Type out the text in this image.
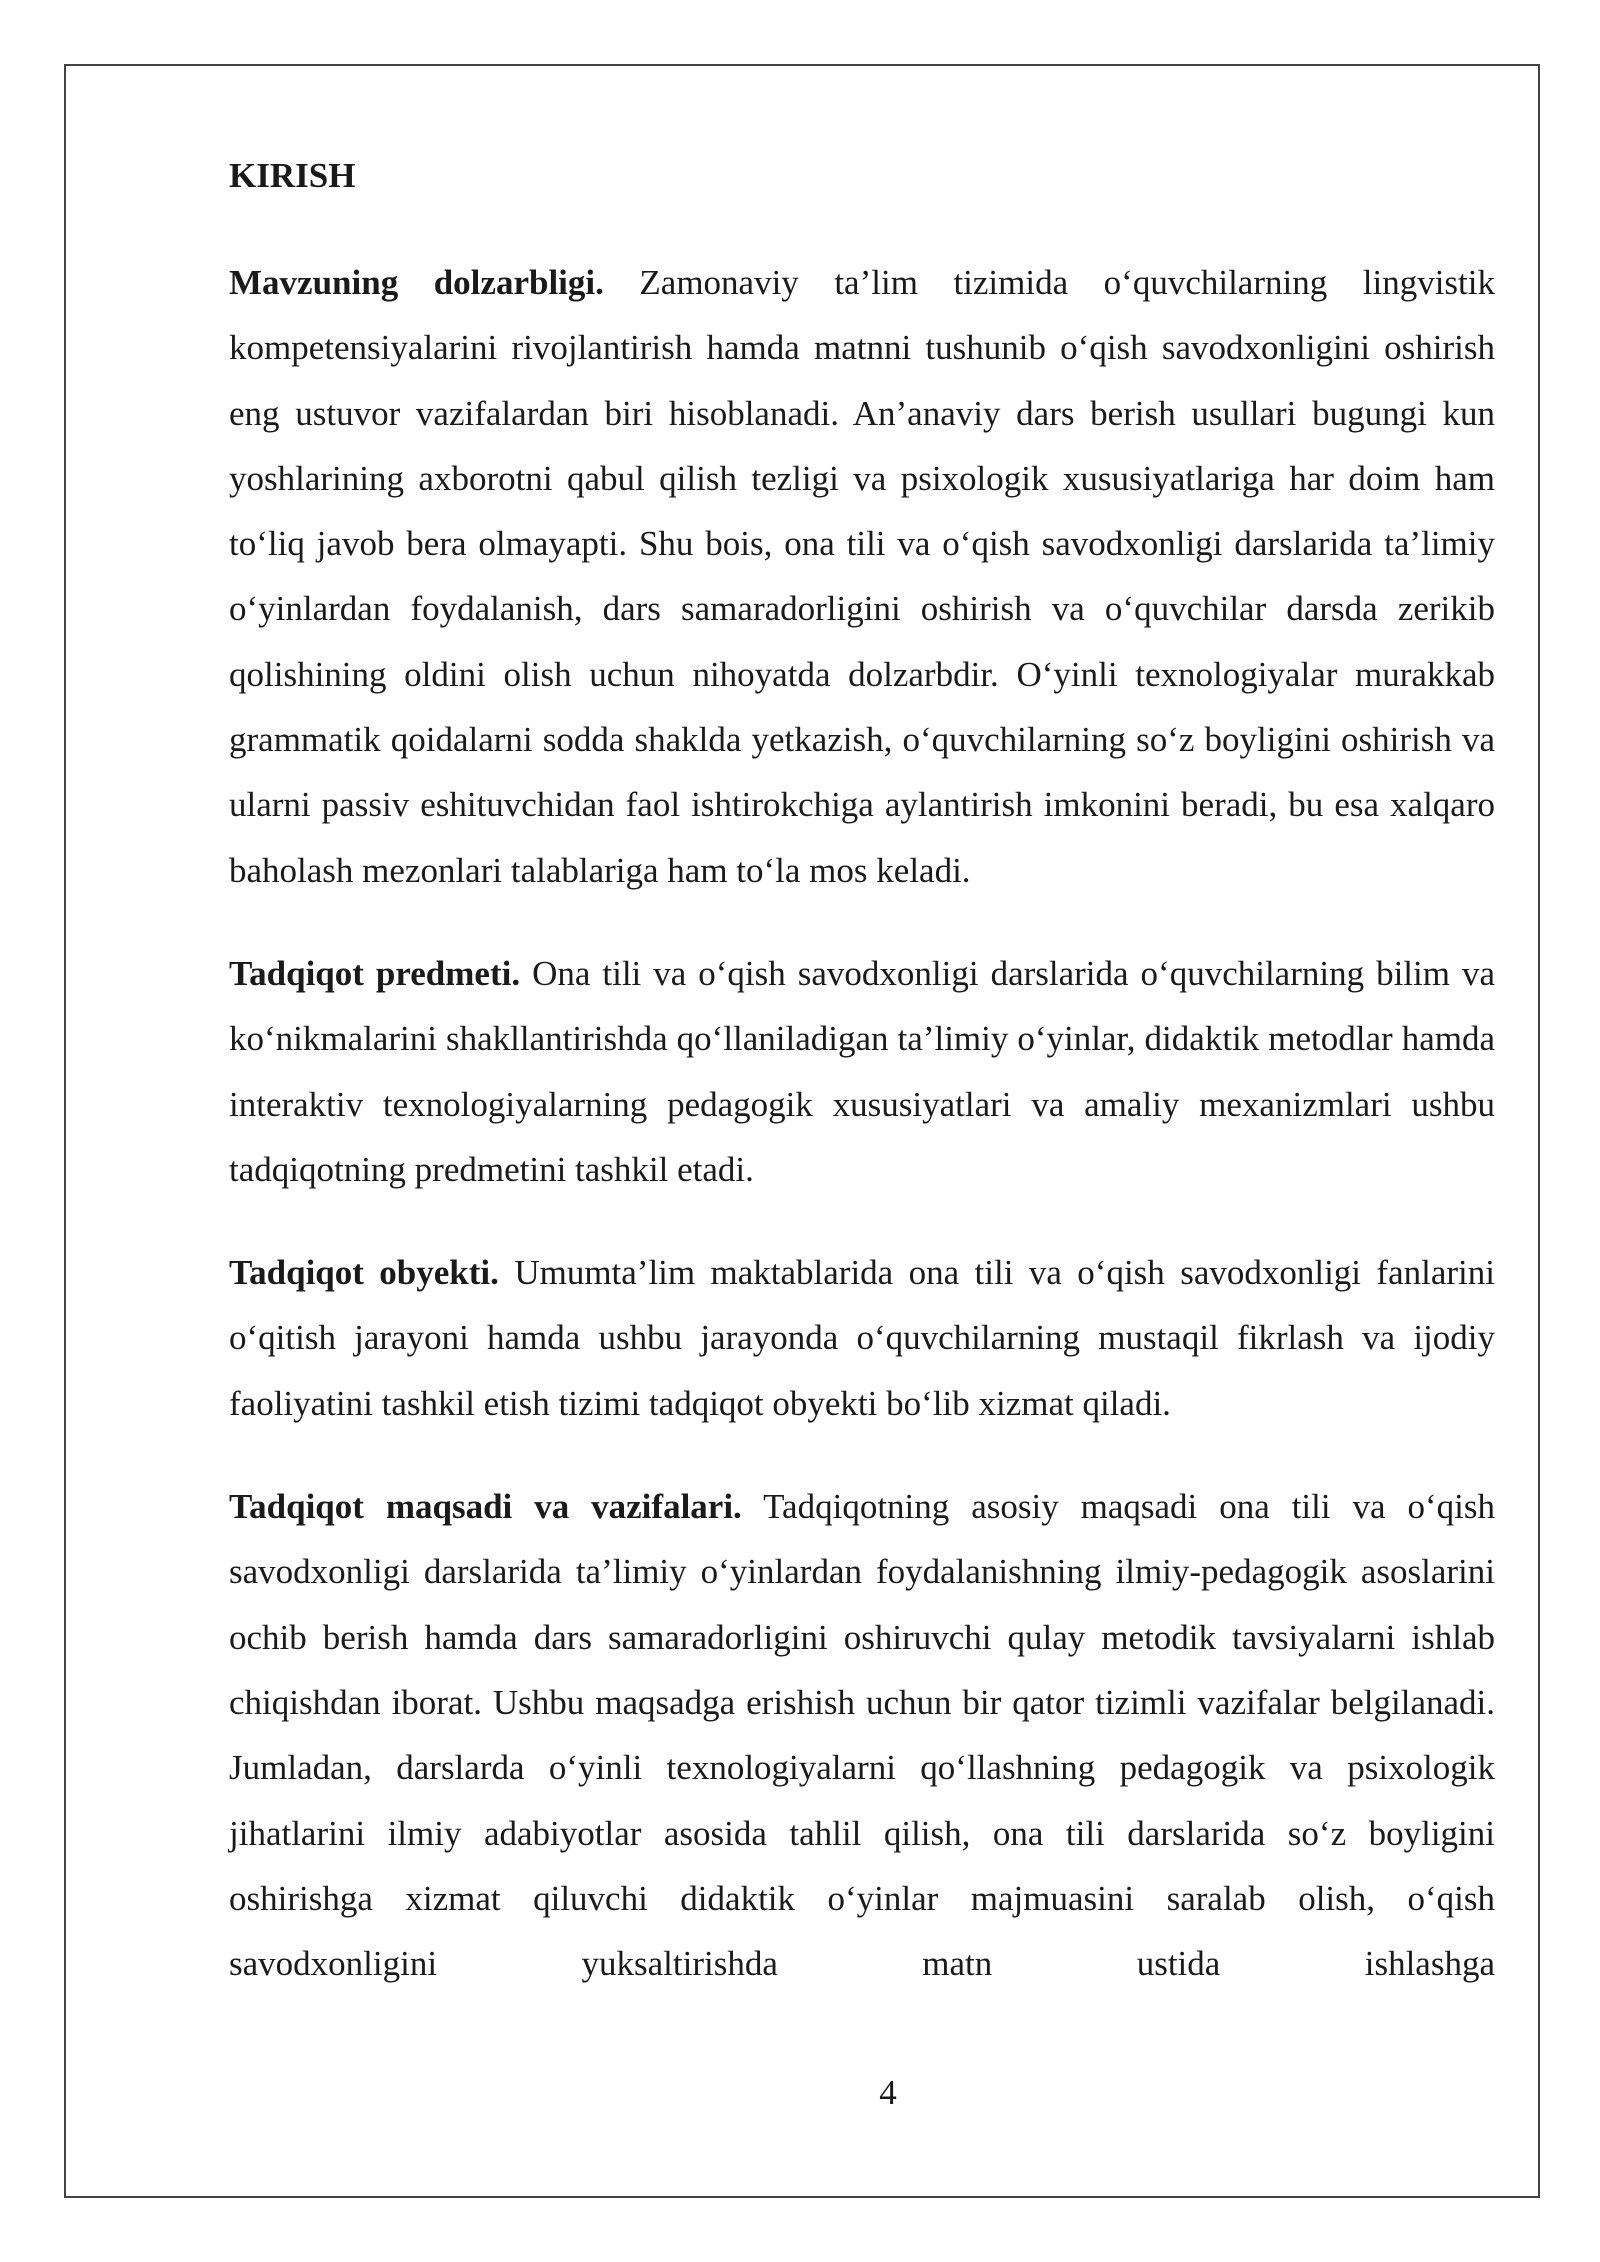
KIRISH

Mavzuning dolzarbligi. Zamonaviy ta’lim tizimida o‘quvchilarning lingvistik kompetensiyalarini rivojlantirish hamda matnni tushunib o‘qish savodxonligini oshirish eng ustuvor vazifalardan biri hisoblanadi. An’anaviy dars berish usullari bugungi kun yoshlarining axborotni qabul qilish tezligi va psixologik xususiyatlariga har doim ham to‘liq javob bera olmayapti. Shu bois, ona tili va o‘qish savodxonligi darslarida ta’limiy o‘yinlardan foydalanish, dars samaradorligini oshirish va o‘quvchilar darsda zerikib qolishining oldini olish uchun nihoyatda dolzarbdir. O‘yinli texnologiyalar murakkab grammatik qoidalarni sodda shaklda yetkazish, o‘quvchilarning so‘z boyligini oshirish va ularni passiv eshituvchidan faol ishtirokchiga aylantirish imkonini beradi, bu esa xalqaro baholash mezonlari talablariga ham to‘la mos keladi.

Tadqiqot predmeti. Ona tili va o‘qish savodxonligi darslarida o‘quvchilarning bilim va ko‘nikmalarini shakllantirishda qo‘llaniladigan ta’limiy o‘yinlar, didaktik metodlar hamda interaktiv texnologiyalarning pedagogik xususiyatlari va amaliy mexanizmlari ushbu tadqiqotning predmetini tashkil etadi.

Tadqiqot obyekti. Umumta’lim maktablarida ona tili va o‘qish savodxonligi fanlarini o‘qitish jarayoni hamda ushbu jarayonda o‘quvchilarning mustaqil fikrlash va ijodiy faoliyatini tashkil etish tizimi tadqiqot obyekti bo‘lib xizmat qiladi.

Tadqiqot maqsadi va vazifalari. Tadqiqotning asosiy maqsadi ona tili va o‘qish savodxonligi darslarida ta’limiy o‘yinlardan foydalanishning ilmiy-pedagogik asoslarini ochib berish hamda dars samaradorligini oshiruvchi qulay metodik tavsiyalarni ishlab chiqishdan iborat. Ushbu maqsadga erishish uchun bir qator tizimli vazifalar belgilanadi. Jumladan, darslarda o‘yinli texnologiyalarni qo‘llashning pedagogik va psixologik jihatlarini ilmiy adabiyotlar asosida tahlil qilish, ona tili darslarida so‘z boyligini oshirishga xizmat qiluvchi didaktik o‘yinlar majmuasini saralab olish, o‘qish savodxonligini yuksaltirishda matn ustida ishlashga

4
